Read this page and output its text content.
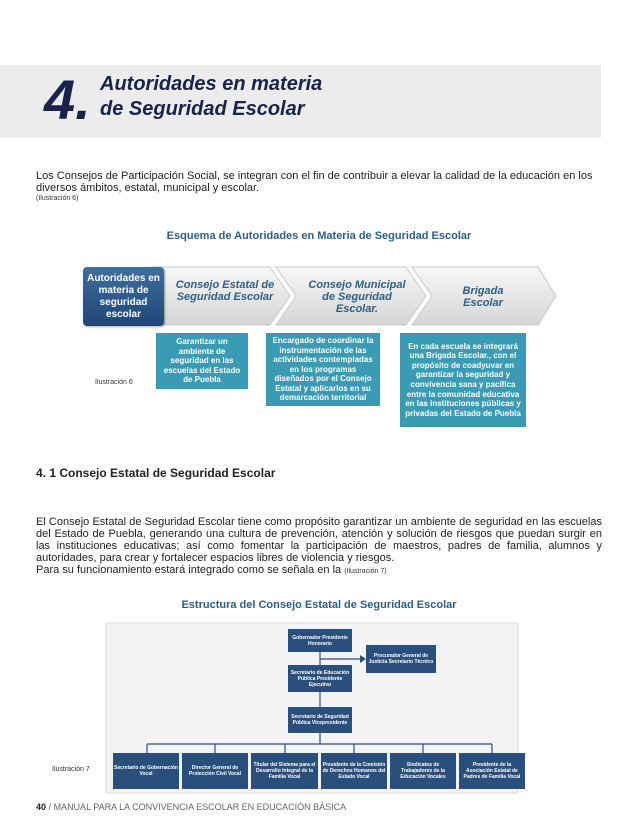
4. Autoridades en materia
de Seguridad Escolar
Los Consejos de Participación Social, se integran con el fin de contribuir a elevar la calidad de la educación en los diversos ámbitos, estatal, municipal y escolar.
(Ilustración 6)
Esquema de Autoridades en Materia de Seguridad Escolar
Autoridades en materia de seguridad escolar
Consejo Estatal de Seguridad Escolar
Consejo Municipal de Seguridad Escolar.
Brigada Escolar
Garantizar un ambiente de seguridad en las escuelas del Estado de Puebla
Encargado de coordinar la instrumentación de las actividades contempladas en los programas diseñados por el Consejo Estatal y aplicarlos en su demarcación territorial
En cada escuela se integrará una Brigada Escolar., con el propósito de coadyuvar en garantizar la seguridad y convivencia sana y pacífica entre la comunidad educativa en las instituciones públicas y privadas del Estado de Puebla
Ilustración 6
4. 1 Consejo Estatal de Seguridad Escolar
El Consejo Estatal de Seguridad Escolar tiene como propósito garantizar un ambiente de seguridad en las escuelas del Estado de Puebla, generando una cultura de prevención, atención y solución de riesgos que puedan surgir en las instituciones educativas; así como fomentar la participación de maestros, padres de familia, alumnos y autoridades, para crear y fortalecer espacios libres de violencia y riesgos.
Para su funcionamiento estará integrado como se señala en la (Ilustración 7)
Estructura del Consejo Estatal de Seguridad Escolar
Gobernador Presidente Honorario
Secretario de Educación Pública Presidente Ejecutivo
Secretario de Seguridad Pública Vicepresidente
Procurador General de Justicia Secretario Técnico
Secretario de Gobernación Vocal
Director General de Protección Civil Vocal
Titular del Sistema para el Desarrollo Integral de la Familia Vocal
Presidente de la Comisión de Derechos Humanos del Estado Vocal
Sindicatos de Trabajadores de la Educación Vocales
Presidente de la Asociación Estatal de Padres de Familia Vocal
Ilustración 7
40 / MANUAL PARA LA CONVIVENCIA ESCOLAR EN EDUCACIÓN BÁSICA
